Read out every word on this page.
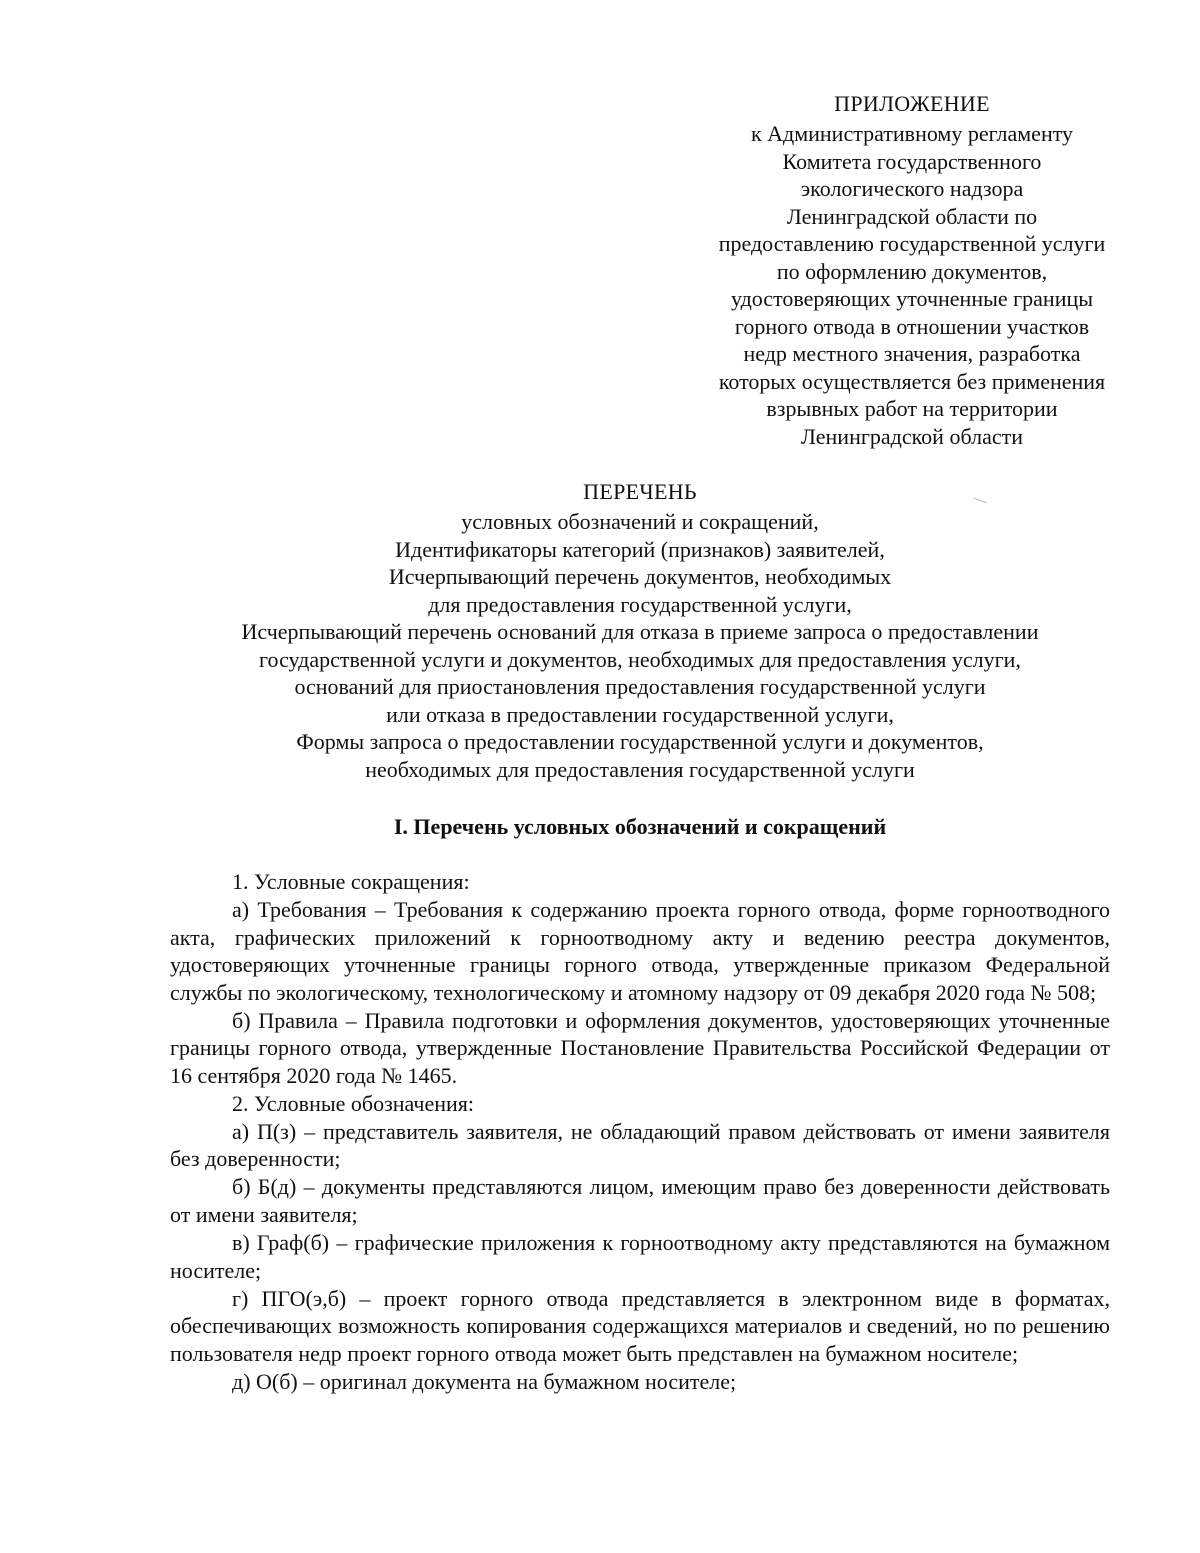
ПРИЛОЖЕНИЕ
к Административному регламенту
Комитета государственного
экологического надзора
Ленинградской области по
предоставлению государственной услуги
по оформлению документов,
удостоверяющих уточненные границы
горного отвода в отношении участков
недр местного значения, разработка
которых осуществляется без применения
взрывных работ на территории
Ленинградской области
ПЕРЕЧЕНЬ
условных обозначений и сокращений,
Идентификаторы категорий (признаков) заявителей,
Исчерпывающий перечень документов, необходимых
для предоставления государственной услуги,
Исчерпывающий перечень оснований для отказа в приеме запроса о предоставлении
государственной услуги и документов, необходимых для предоставления услуги,
оснований для приостановления предоставления государственной услуги
или отказа в предоставлении государственной услуги,
Формы запроса о предоставлении государственной услуги и документов,
необходимых для предоставления государственной услуги
I. Перечень условных обозначений и сокращений
1. Условные сокращения:
а) Требования – Требования к содержанию проекта горного отвода, форме горноотводного акта, графических приложений к горноотводному акту и ведению реестра документов, удостоверяющих уточненные границы горного отвода, утвержденные приказом Федеральной службы по экологическому, технологическому и атомному надзору от 09 декабря 2020 года № 508;
б) Правила – Правила подготовки и оформления документов, удостоверяющих уточненные границы горного отвода, утвержденные Постановление Правительства Российской Федерации от 16 сентября 2020 года № 1465.
2. Условные обозначения:
а) П(з) – представитель заявителя, не обладающий правом действовать от имени заявителя без доверенности;
б) Б(д) – документы представляются лицом, имеющим право без доверенности действовать от имени заявителя;
в) Граф(б) – графические приложения к горноотводному акту представляются на бумажном носителе;
г) ПГО(э,б) – проект горного отвода представляется в электронном виде в форматах, обеспечивающих возможность копирования содержащихся материалов и сведений, но по решению пользователя недр проект горного отвода может быть представлен на бумажном носителе;
д) О(б) – оригинал документа на бумажном носителе;
